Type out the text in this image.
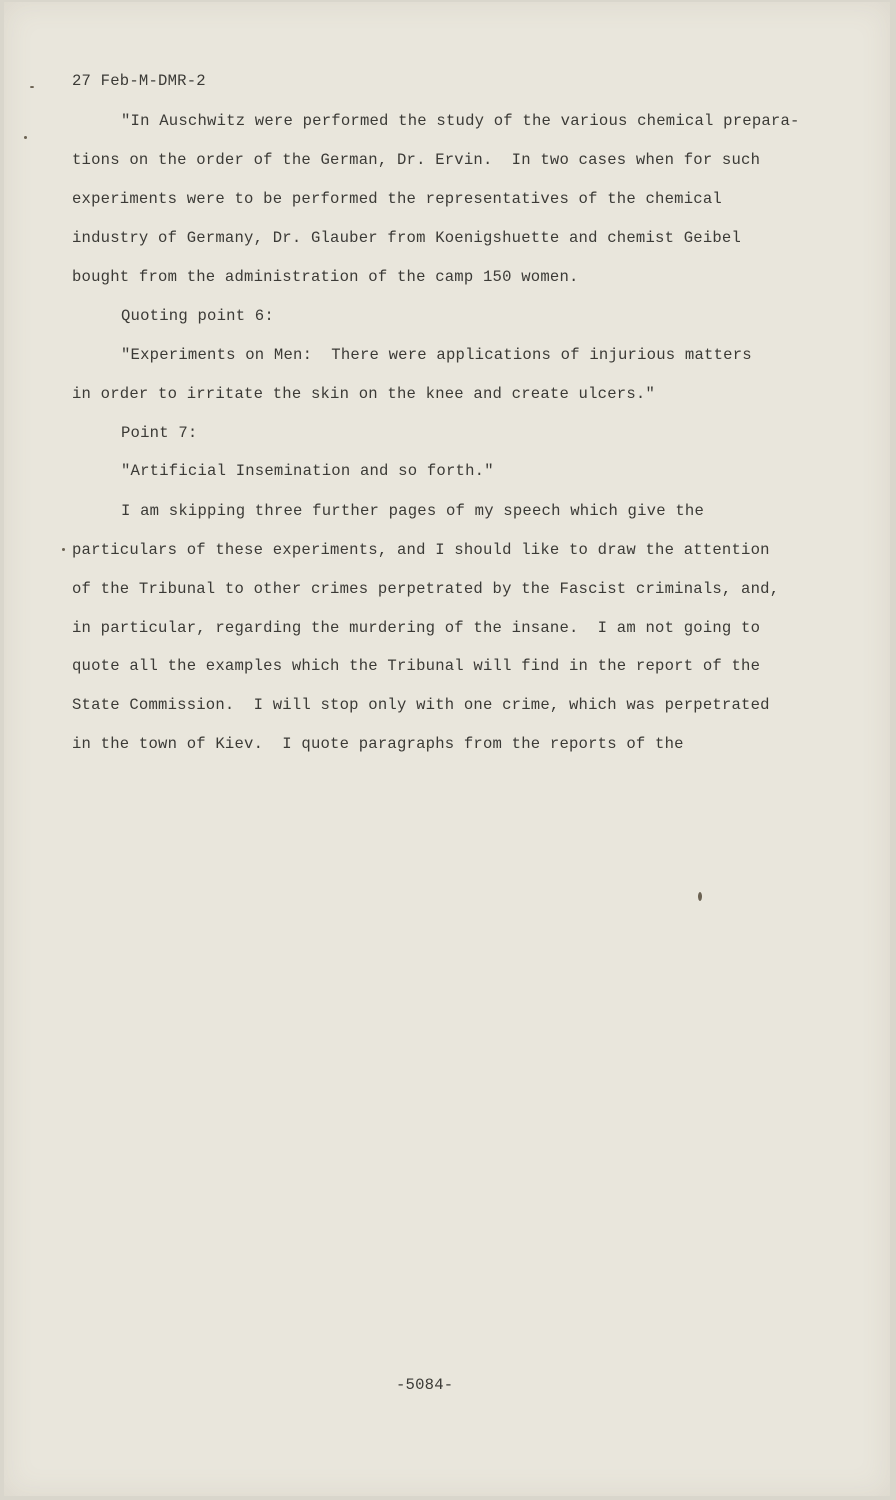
27 Feb-M-DMR-2
"In Auschwitz were performed the study of the various chemical prepara-
tions on the order of the German, Dr. Ervin.  In two cases when for such
experiments were to be performed the representatives of the chemical
industry of Germany, Dr. Glauber from Koenigshuette and chemist Geibel
bought from the administration of the camp 150 women.
Quoting point 6:
"Experiments on Men:  There were applications of injurious matters
in order to irritate the skin on the knee and create ulcers."
Point 7:
"Artificial Insemination and so forth."
I am skipping three further pages of my speech which give the
particulars of these experiments, and I should like to draw the attention
of the Tribunal to other crimes perpetrated by the Fascist criminals, and,
in particular, regarding the murdering of the insane.  I am not going to
quote all the examples which the Tribunal will find in the report of the
State Commission.  I will stop only with one crime, which was perpetrated
in the town of Kiev.  I quote paragraphs from the reports of the
-5084-
